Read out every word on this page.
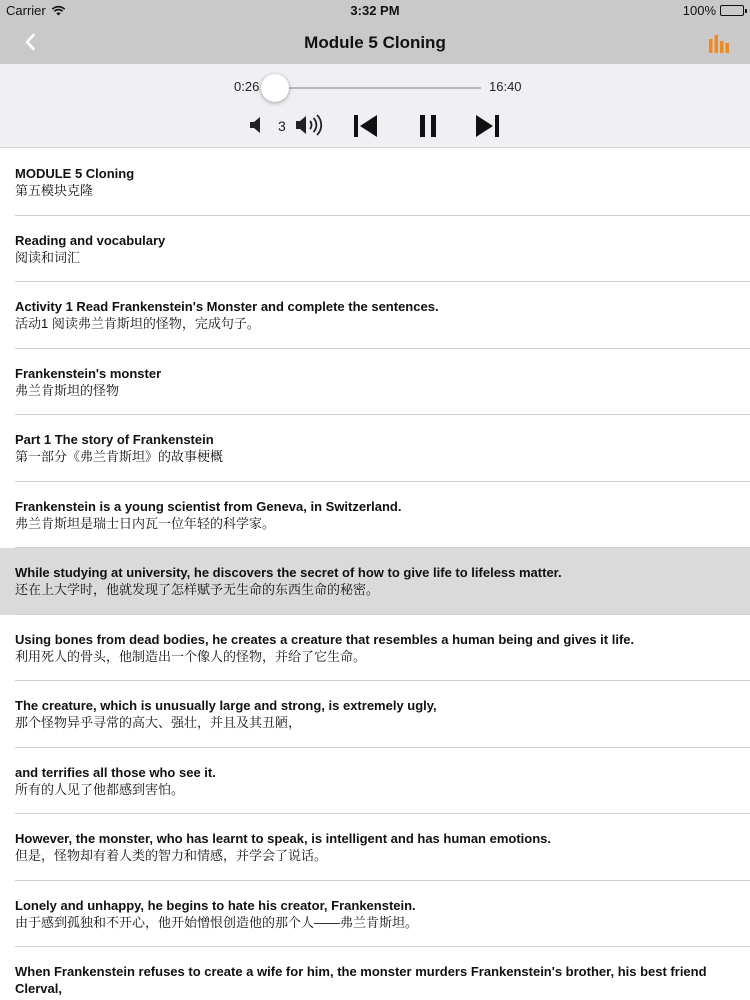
Carrier	3:32 PM	100%
Module 5 Cloning
0:26	16:40
3
MODULE 5 Cloning
第五模块克隆
Reading and vocabulary
阅读和词汇
Activity 1 Read Frankenstein's Monster and complete the sentences.
活动1 阅读弗兰肯斯坦的怪物，完成句子。
Frankenstein's monster
弗兰肯斯坦的怪物
Part 1 The story of Frankenstein
第一部分《弗兰肯斯坦》的故事梗概
Frankenstein is a young scientist from Geneva, in Switzerland.
弗兰肯斯坦是瑞士日内瓦一位年轻的科学家。
While studying at university, he discovers the secret of how to give life to lifeless matter.
还在上大学时，他就发现了怎样赋予无生命的东西生命的秘密。
Using bones from dead bodies, he creates a creature that resembles a human being and gives it life.
利用死人的骨头，他制造出一个像人的怪物，并给了它生命。
The creature, which is unusually large and strong, is extremely ugly,
那个怪物异乎寻常的高大、强壮，并且及其丑陋，
and terrifies all those who see it.
所有的人见了他都感到害怕。
However, the monster, who has learnt to speak, is intelligent and has human emotions.
但是，怪物却有着人类的智力和情感，并学会了说话。
Lonely and unhappy, he begins to hate his creator, Frankenstein.
由于感到孤独和不开心，他开始憎恨创造他的那个人——弗兰肯斯坦。
When Frankenstein refuses to create a wife for him, the monster murders Frankenstein's brother, his best friend Clerval,
